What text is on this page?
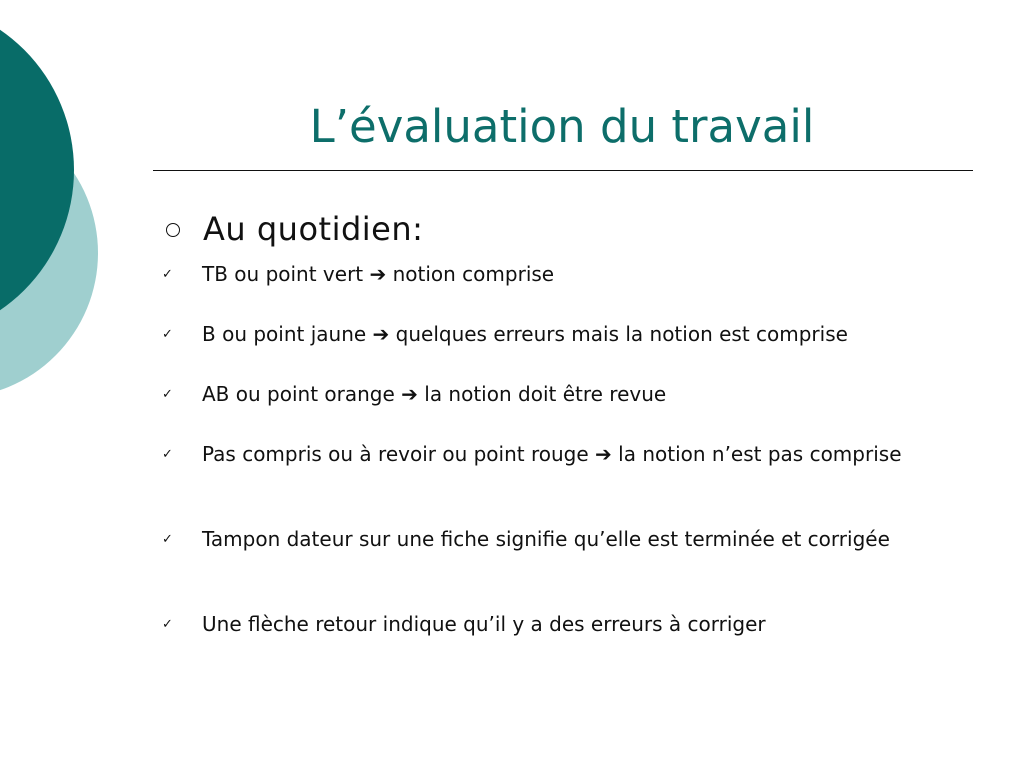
L’évaluation du travail
Au quotidien:
✓	TB ou point vert ➔ notion comprise
✓	B ou point jaune ➔ quelques erreurs mais la notion est comprise
✓	AB ou point orange ➔ la notion doit être revue
✓	Pas compris ou à revoir ou point rouge ➔ la notion n’est pas comprise
✓	Tampon dateur sur une fiche signifie qu’elle est terminée et corrigée
✓	Une flèche retour indique qu’il y a des erreurs à corriger
